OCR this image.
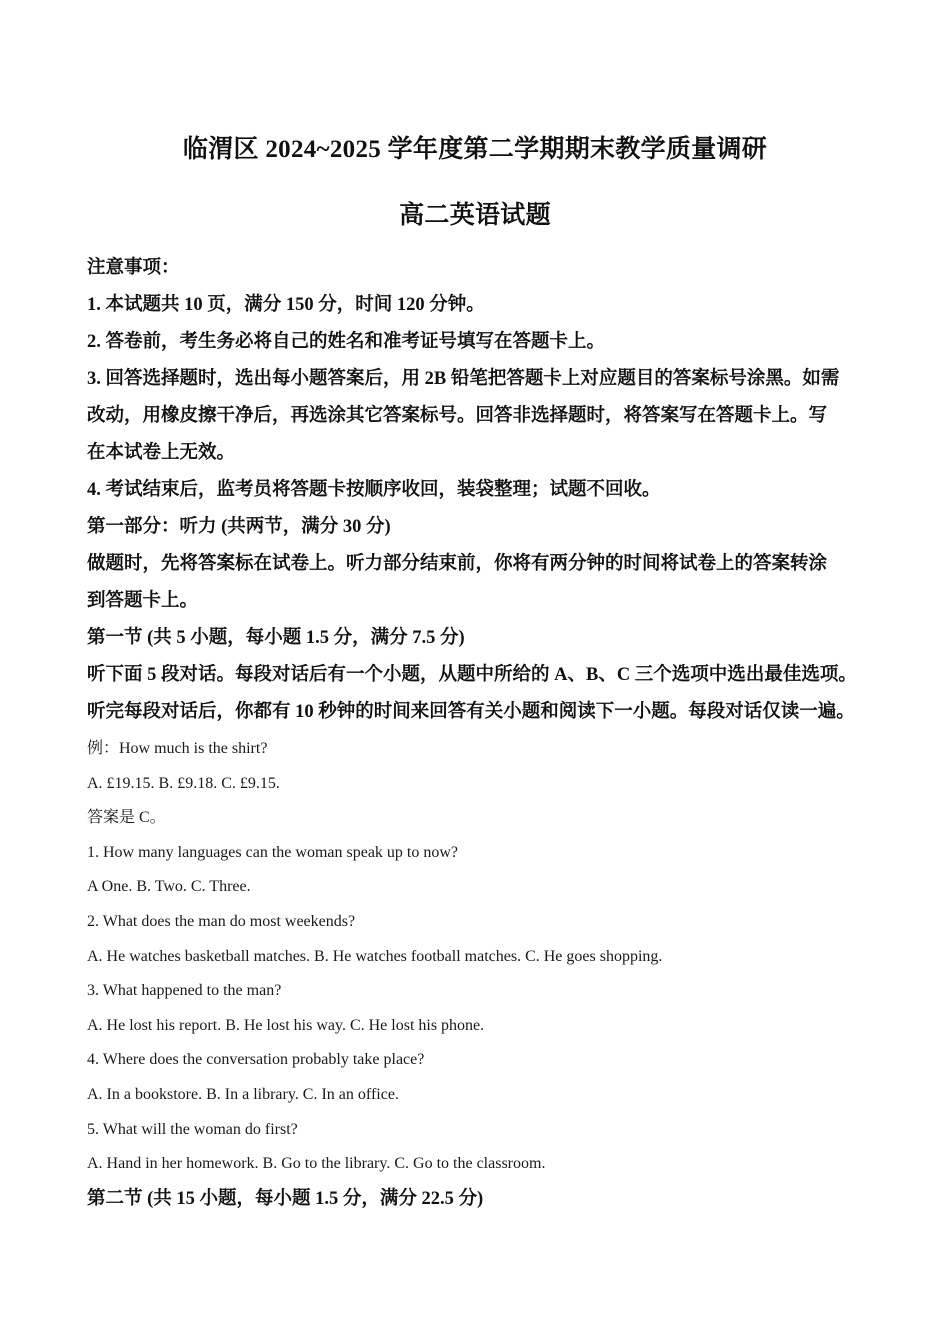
临渭区 2024~2025 学年度第二学期期末教学质量调研
高二英语试题
注意事项：
1. 本试题共 10 页，满分 150 分，时间 120 分钟。
2. 答卷前，考生务必将自己的姓名和准考证号填写在答题卡上。
3. 回答选择题时，选出每小题答案后，用 2B 铅笔把答题卡上对应题目的答案标号涂黑。如需
改动，用橡皮擦干净后，再选涂其它答案标号。回答非选择题时，将答案写在答题卡上。写
在本试卷上无效。
4. 考试结束后，监考员将答题卡按顺序收回，装袋整理；试题不回收。
第一部分：听力 (共两节，满分 30 分)
做题时，先将答案标在试卷上。听力部分结束前，你将有两分钟的时间将试卷上的答案转涂
到答题卡上。
第一节 (共 5 小题，每小题 1.5 分，满分 7.5 分)
听下面 5 段对话。每段对话后有一个小题，从题中所给的 A、B、C 三个选项中选出最佳选项。
听完每段对话后，你都有 10 秒钟的时间来回答有关小题和阅读下一小题。每段对话仅读一遍。
例：How much is the shirt?
A. £19.15. B. £9.18. C. £9.15.
答案是 C。
1. How many languages can the woman speak up to now?
A One. B. Two. C. Three.
2. What does the man do most weekends?
A. He watches basketball matches. B. He watches football matches. C. He goes shopping.
3. What happened to the man?
A. He lost his report. B. He lost his way. C. He lost his phone.
4. Where does the conversation probably take place?
A. In a bookstore. B. In a library. C. In an office.
5. What will the woman do first?
A. Hand in her homework. B. Go to the library. C. Go to the classroom.
第二节 (共 15 小题，每小题 1.5 分，满分 22.5 分)
